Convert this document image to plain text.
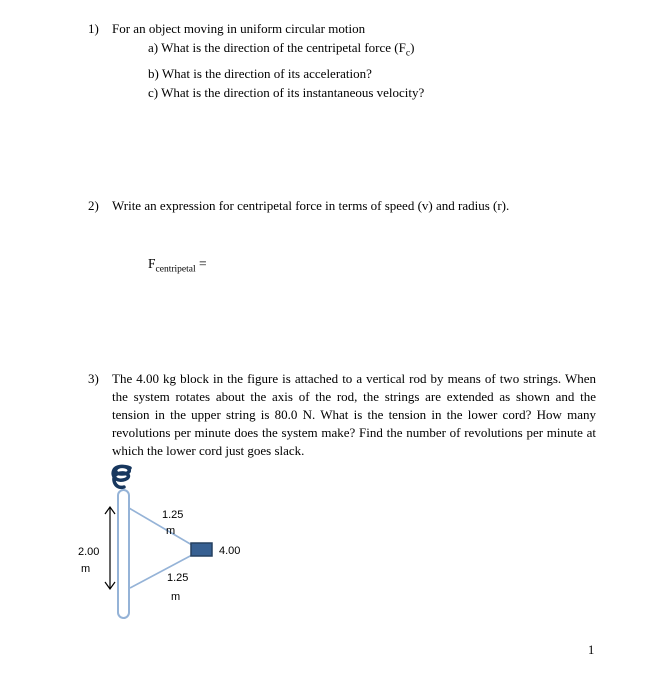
1)	For an object moving in uniform circular motion
a) What is the direction of the centripetal force $(F_c)$
b) What is the direction of its acceleration?
c) What is the direction of its instantaneous velocity?
2)	Write an expression for centripetal force in terms of speed (v) and radius (r).
$F_{centripetal}$ =
3)	The 4.00 kg block in the figure is attached to a vertical rod by means of two strings. When the system rotates about the axis of the rod, the strings are extended as shown and the tension in the upper string is 80.0 N. What is the tension in the lower cord? How many revolutions per minute does the system make? Find the number of revolutions per minute at which the lower cord just goes slack.
2.00
m
1.25
m
1.25
m
4.00
1
